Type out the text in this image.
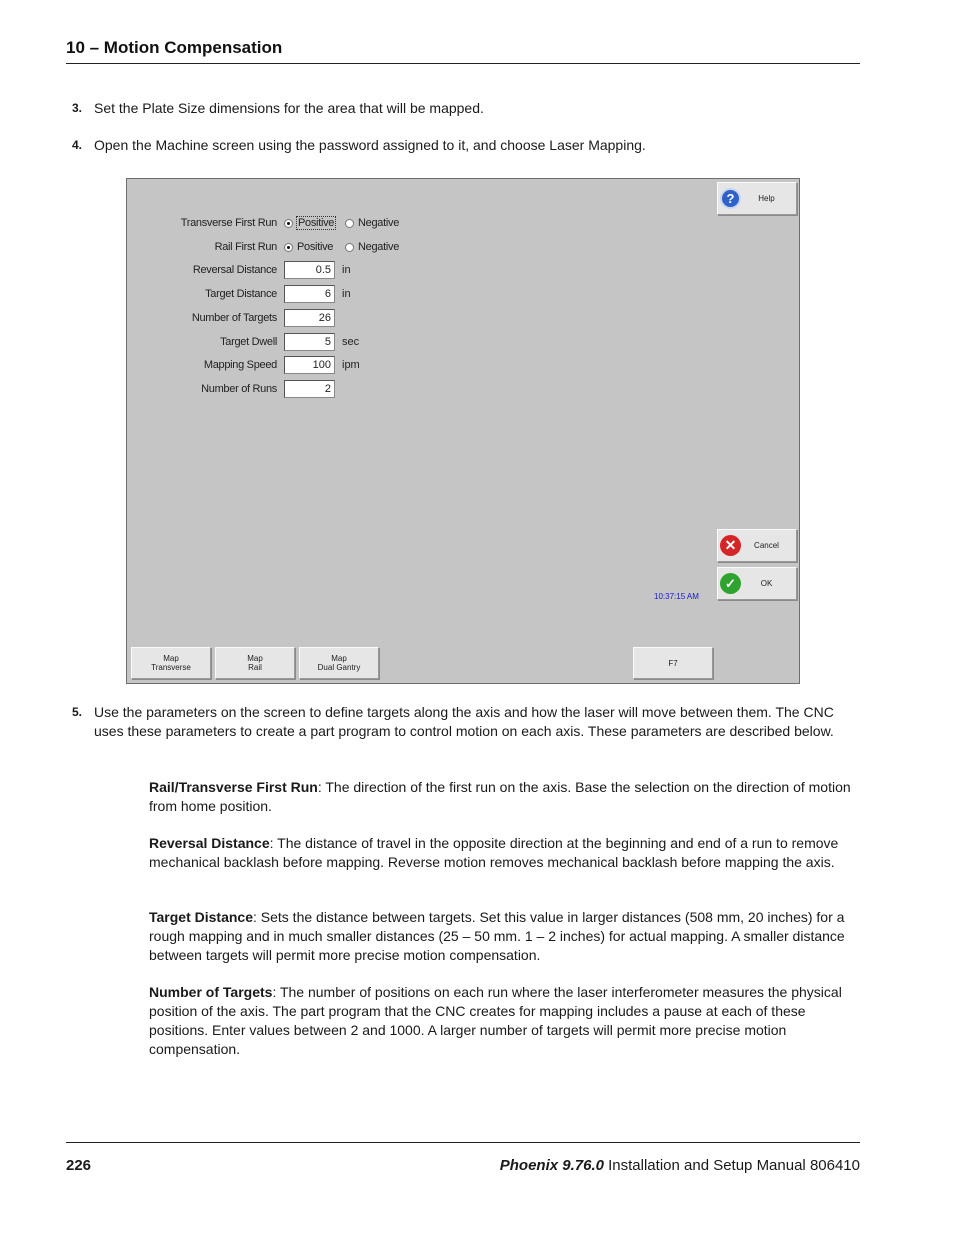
10 – Motion Compensation
3. Set the Plate Size dimensions for the area that will be mapped.
4. Open the Machine screen using the password assigned to it, and choose Laser Mapping.
Transverse First Run Positive Negative
Rail First Run Positive Negative
Reversal Distance	0.5	in
Target Distance	6	in
Number of Targets	26
Target Dwell	5	sec
Mapping Speed	100	ipm
Number of Runs	2
?	Help
✕	Cancel
✓	OK
10:37:15 AM
Map
Transverse
Map
Rail
Map
Dual Gantry	F7
5. Use the parameters on the screen to define targets along the axis and how the laser will move between them. The CNC uses these parameters to create a part program to control motion on each axis. These parameters are described below.
Rail/Transverse First Run: The direction of the first run on the axis. Base the selection on the direction of motion from home position.
Reversal Distance: The distance of travel in the opposite direction at the beginning and end of a run to remove mechanical backlash before mapping. Reverse motion removes mechanical backlash before mapping the axis.
Target Distance: Sets the distance between targets. Set this value in larger distances (508 mm, 20 inches) for a rough mapping and in much smaller distances (25 – 50 mm. 1 – 2 inches) for actual mapping. A smaller distance between targets will permit more precise motion compensation.
Number of Targets: The number of positions on each run where the laser interferometer measures the physical position of the axis. The part program that the CNC creates for mapping includes a pause at each of these positions. Enter values between 2 and 1000. A larger number of targets will permit more precise motion compensation.
226	Phoenix 9.76.0 Installation and Setup Manual 806410
